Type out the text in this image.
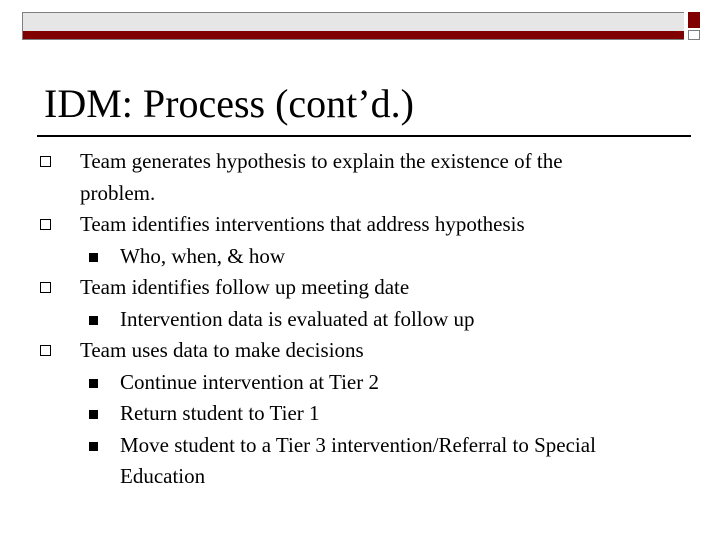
IDM: Process (cont’d.)
Team generates hypothesis to explain the existence of the
problem.
Team identifies interventions that address hypothesis
Who, when, & how
Team identifies follow up meeting date
Intervention data is evaluated at follow up
Team uses data to make decisions
Continue intervention at Tier 2
Return student to Tier 1
Move student to a Tier 3 intervention/Referral to Special
Education
